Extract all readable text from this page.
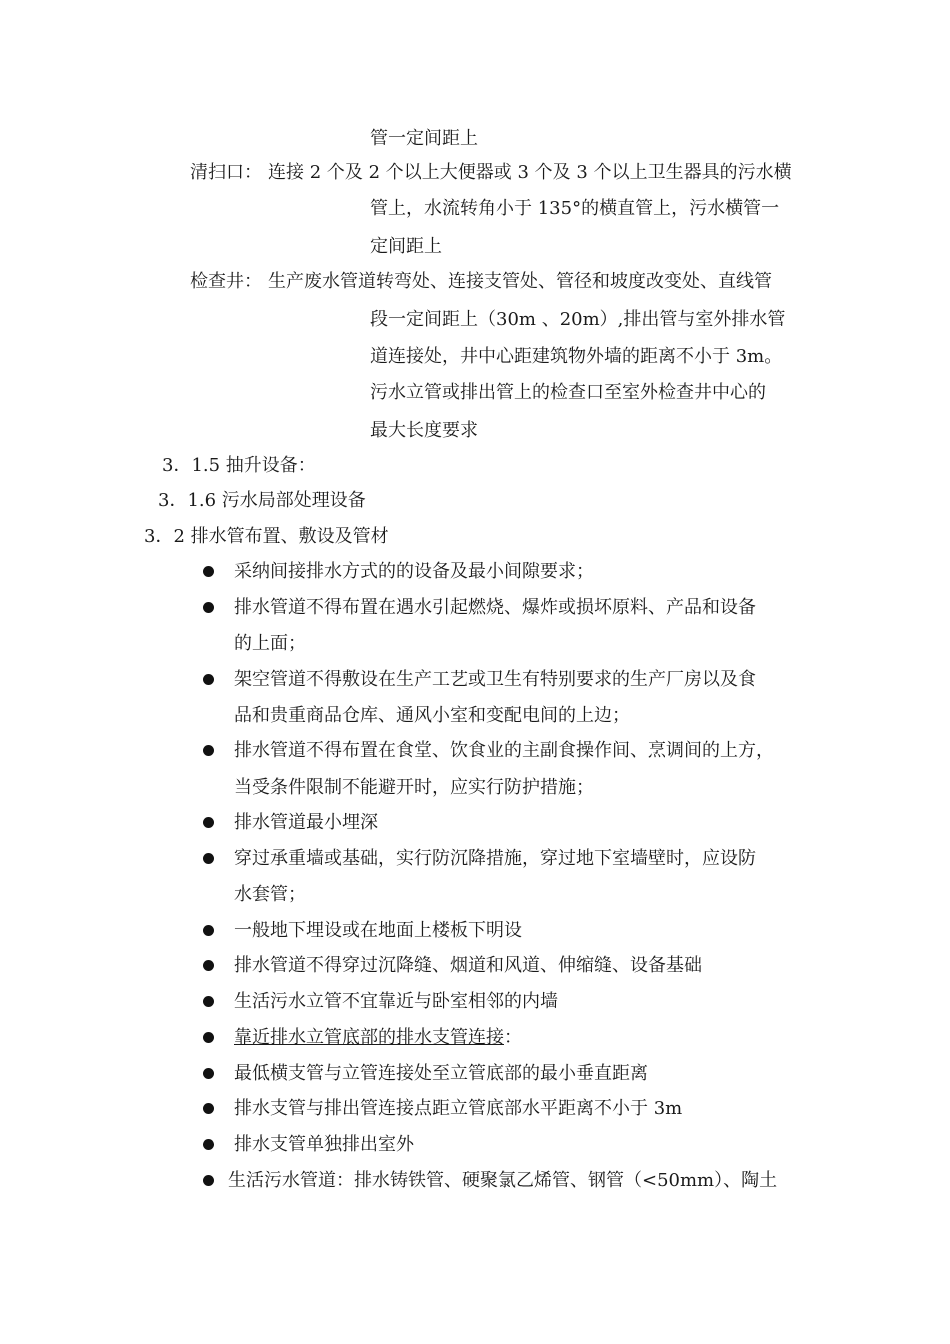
管一定间距上
清扫口： 连接 2 个及 2 个以上大便器或 3 个及 3 个以上卫生器具的污水横
管上，水流转角小于 135°的横直管上，污水横管一
定间距上
检查井： 生产废水管道转弯处、连接支管处、管径和坡度改变处、直线管
段一定间距上（30m 、20m）,排出管与室外排水管
道连接处，井中心距建筑物外墙的距离不小于 3m。
污水立管或排出管上的检查口至室外检查井中心的
最大长度要求
3．1.5 抽升设备：
3．1.6 污水局部处理设备
3．2 排水管布置、敷设及管材
采纳间接排水方式的的设备及最小间隙要求；
排水管道不得布置在遇水引起燃烧、爆炸或损坏原料、产品和设备
的上面；
架空管道不得敷设在生产工艺或卫生有特别要求的生产厂房以及食
品和贵重商品仓库、通风小室和变配电间的上边；
排水管道不得布置在食堂、饮食业的主副食操作间、烹调间的上方，
当受条件限制不能避开时，应实行防护措施；
排水管道最小埋深
穿过承重墙或基础，实行防沉降措施，穿过地下室墙壁时，应设防
水套管；
一般地下埋设或在地面上楼板下明设
排水管道不得穿过沉降缝、烟道和风道、伸缩缝、设备基础
生活污水立管不宜靠近与卧室相邻的内墙
靠近排水立管底部的排水支管连接：
最低横支管与立管连接处至立管底部的最小垂直距离
排水支管与排出管连接点距立管底部水平距离不小于 3m
排水支管单独排出室外
生活污水管道：排水铸铁管、硬聚氯乙烯管、钢管（<50mm）、陶土
